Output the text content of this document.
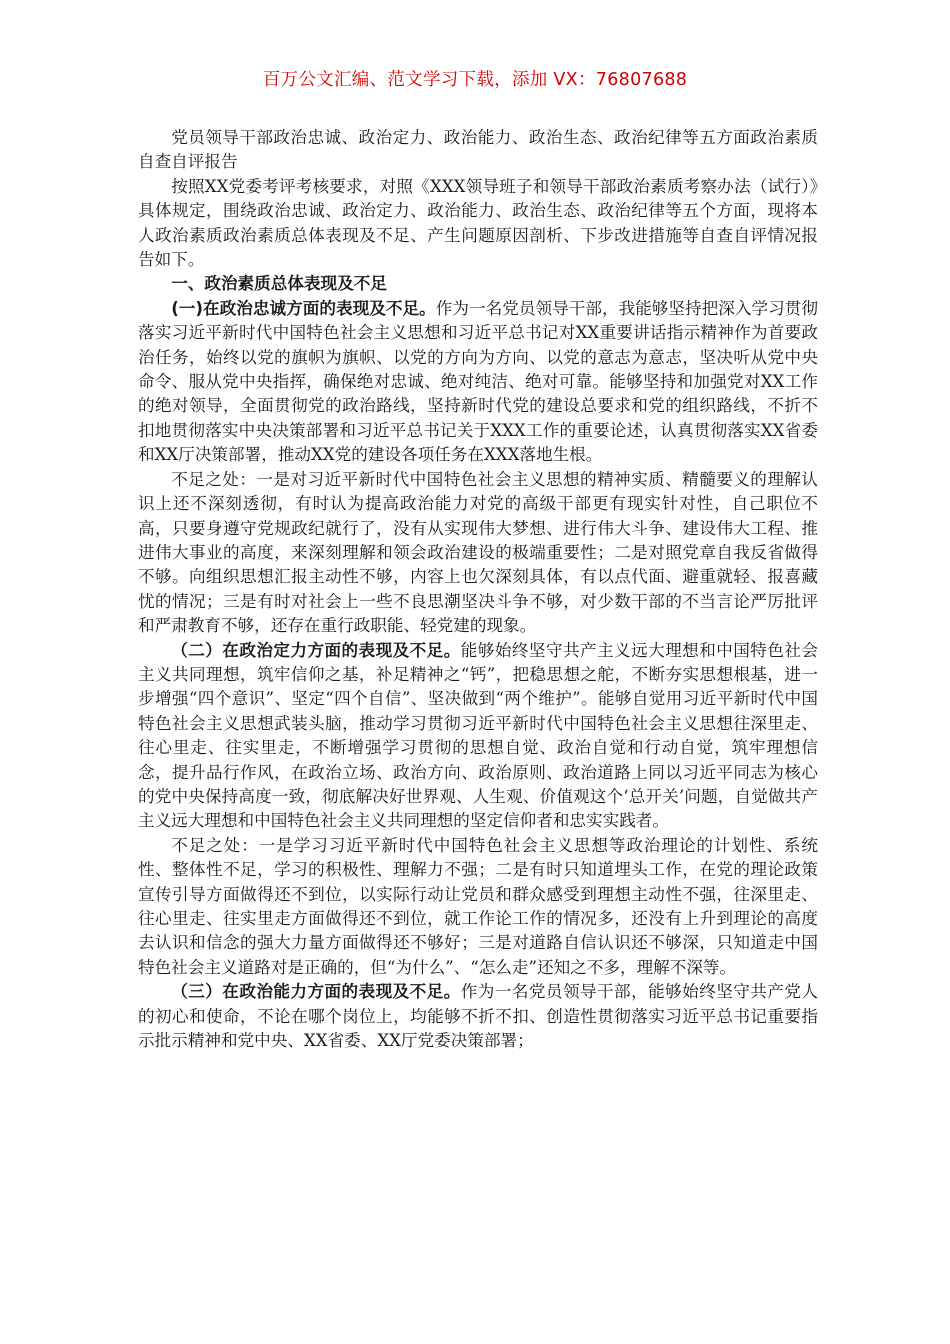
百万公文汇编、范文学习下载，添加 VX：76807688

党员领导干部政治忠诚、政治定力、政治能力、政治生态、政治纪律等五方面政治素质自查自评报告

按照XX党委考评考核要求，对照《XXX领导班子和领导干部政治素质考察办法（试行）》具体规定，围绕政治忠诚、政治定力、政治能力、政治生态、政治纪律等五个方面，现将本人政治素质政治素质总体表现及不足、产生问题原因剖析、下步改进措施等自查自评情况报告如下。

一、政治素质总体表现及不足

(一)在政治忠诚方面的表现及不足。作为一名党员领导干部，我能够坚持把深入学习贯彻落实习近平新时代中国特色社会主义思想和习近平总书记对XX重要讲话指示精神作为首要政治任务，始终以党的旗帜为旗帜、以党的方向为方向、以党的意志为意志，坚决听从党中央命令、服从党中央指挥，确保绝对忠诚、绝对纯洁、绝对可靠。能够坚持和加强党对XX工作的绝对领导，全面贯彻党的政治路线，坚持新时代党的建设总要求和党的组织路线，不折不扣地贯彻落实中央决策部署和习近平总书记关于XXX工作的重要论述，认真贯彻落实XX省委和XX厅决策部署，推动XX党的建设各项任务在XXX落地生根。

不足之处：一是对习近平新时代中国特色社会主义思想的精神实质、精髓要义的理解认识上还不深刻透彻，有时认为提高政治能力对党的高级干部更有现实针对性，自己职位不高，只要身遵守党规政纪就行了，没有从实现伟大梦想、进行伟大斗争、建设伟大工程、推进伟大事业的高度，来深刻理解和领会政治建设的极端重要性；二是对照党章自我反省做得不够。向组织思想汇报主动性不够，内容上也欠深刻具体，有以点代面、避重就轻、报喜藏忧的情况；三是有时对社会上一些不良思潮坚决斗争不够，对少数干部的不当言论严厉批评和严肃教育不够，还存在重行政职能、轻党建的现象。

（二）在政治定力方面的表现及不足。能够始终坚守共产主义远大理想和中国特色社会主义共同理想，筑牢信仰之基，补足精神之“钙”，把稳思想之舵，不断夯实思想根基，进一步增强“四个意识”、坚定“四个自信”、坚决做到“两个维护”。能够自觉用习近平新时代中国特色社会主义思想武装头脑，推动学习贯彻习近平新时代中国特色社会主义思想往深里走、往心里走、往实里走，不断增强学习贯彻的思想自觉、政治自觉和行动自觉，筑牢理想信念，提升品行作风，在政治立场、政治方向、政治原则、政治道路上同以习近平同志为核心的党中央保持高度一致，彻底解决好世界观、人生观、价值观这个‘总开关’问题，自觉做共产主义远大理想和中国特色社会主义共同理想的坚定信仰者和忠实实践者。

不足之处：一是学习习近平新时代中国特色社会主义思想等政治理论的计划性、系统性、整体性不足，学习的积极性、理解力不强；二是有时只知道埋头工作，在党的理论政策宣传引导方面做得还不到位，以实际行动让党员和群众感受到理想主动性不强，往深里走、往心里走、往实里走方面做得还不到位，就工作论工作的情况多，还没有上升到理论的高度去认识和信念的强大力量方面做得还不够好；三是对道路自信认识还不够深，只知道走中国特色社会主义道路对是正确的，但“为什么”、“怎么走”还知之不多，理解不深等。

（三）在政治能力方面的表现及不足。作为一名党员领导干部，能够始终坚守共产党人的初心和使命，不论在哪个岗位上，均能够不折不扣、创造性贯彻落实习近平总书记重要指示批示精神和党中央、XX省委、XX厅党委决策部署；
